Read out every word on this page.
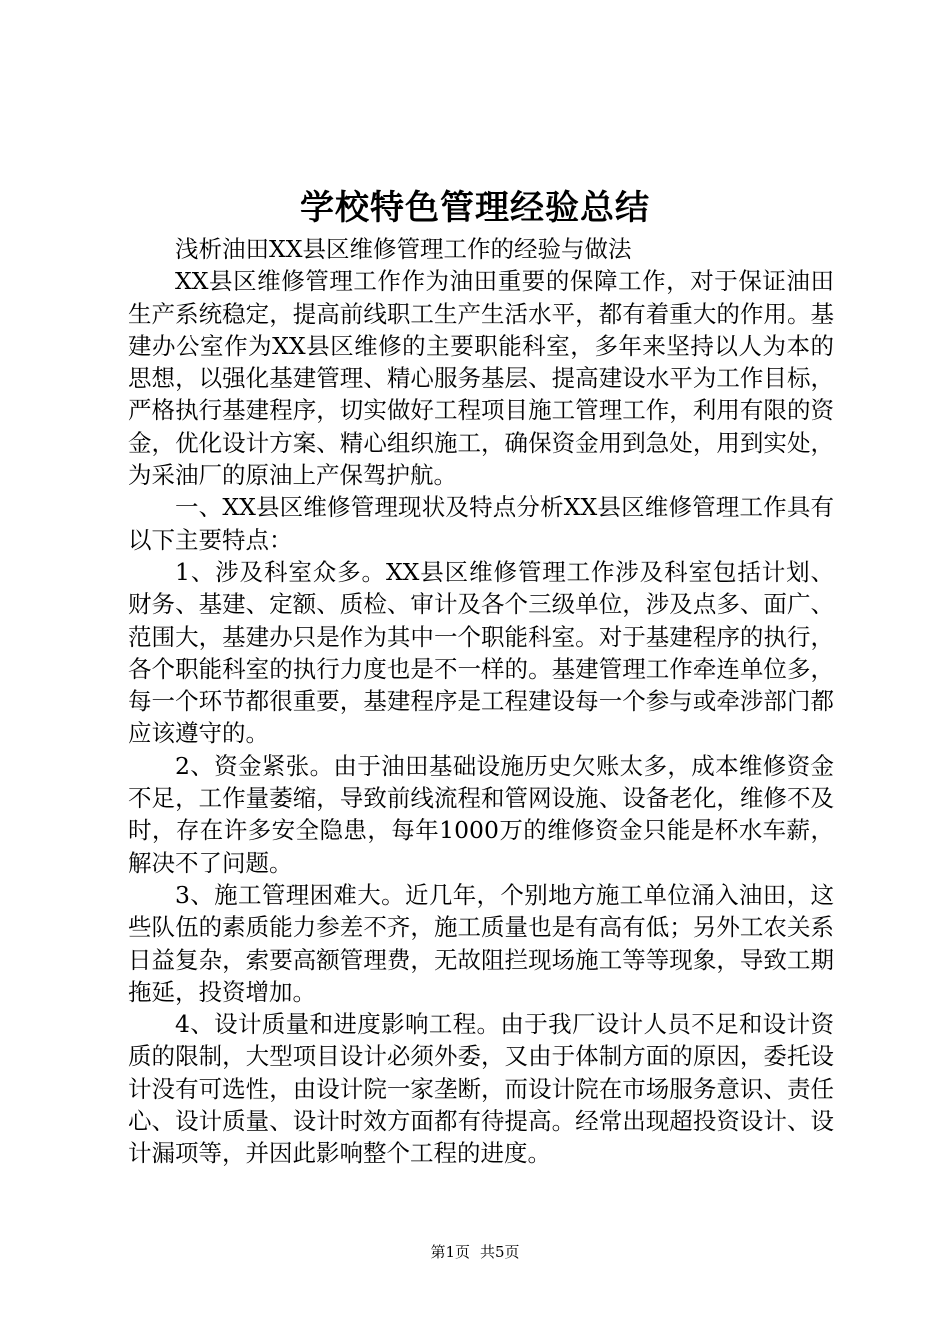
学校特色管理经验总结

浅析油田XX县区维修管理工作的经验与做法

XX县区维修管理工作作为油田重要的保障工作，对于保证油田生产系统稳定，提高前线职工生产生活水平，都有着重大的作用。基建办公室作为XX县区维修的主要职能科室，多年来坚持以人为本的思想，以强化基建管理、精心服务基层、提高建设水平为工作目标，严格执行基建程序，切实做好工程项目施工管理工作，利用有限的资金，优化设计方案、精心组织施工，确保资金用到急处，用到实处，为采油厂的原油上产保驾护航。

一、XX县区维修管理现状及特点分析XX县区维修管理工作具有以下主要特点：

1、涉及科室众多。XX县区维修管理工作涉及科室包括计划、财务、基建、定额、质检、审计及各个三级单位，涉及点多、面广、范围大，基建办只是作为其中一个职能科室。对于基建程序的执行，各个职能科室的执行力度也是不一样的。基建管理工作牵连单位多，每一个环节都很重要，基建程序是工程建设每一个参与或牵涉部门都应该遵守的。

2、资金紧张。由于油田基础设施历史欠账太多，成本维修资金不足，工作量萎缩，导致前线流程和管网设施、设备老化，维修不及时，存在许多安全隐患，每年1000万的维修资金只能是杯水车薪，解决不了问题。

3、施工管理困难大。近几年，个别地方施工单位涌入油田，这些队伍的素质能力参差不齐，施工质量也是有高有低；另外工农关系日益复杂，索要高额管理费，无故阻拦现场施工等等现象，导致工期拖延，投资增加。

4、设计质量和进度影响工程。由于我厂设计人员不足和设计资质的限制，大型项目设计必须外委，又由于体制方面的原因，委托设计没有可选性，由设计院一家垄断，而设计院在市场服务意识、责任心、设计质量、设计时效方面都有待提高。经常出现超投资设计、设计漏项等，并因此影响整个工程的进度。

第1页 共5页
